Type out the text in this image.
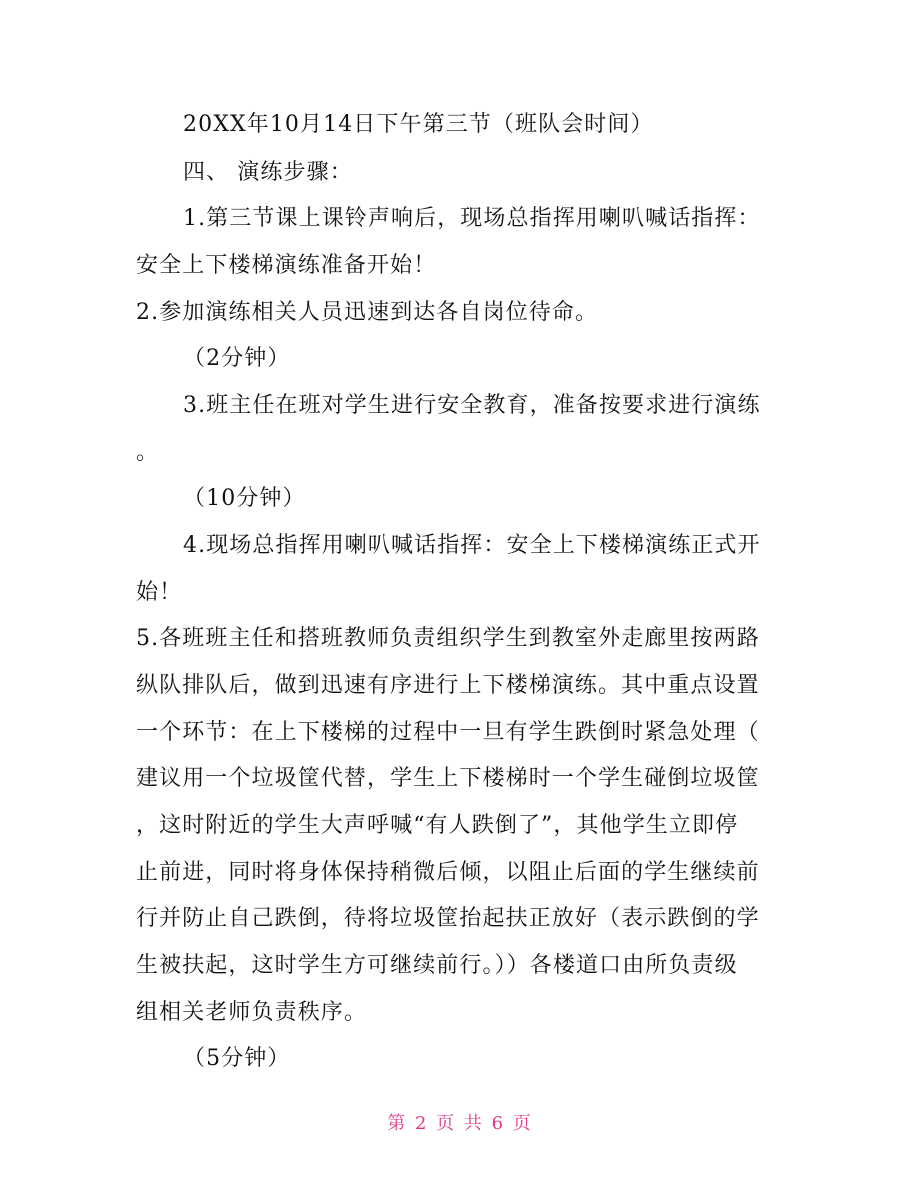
20XX年10月14日下午第三节（班队会时间）

四、 演练步骤：

1.第三节课上课铃声响后，现场总指挥用喇叭喊话指挥：

安全上下楼梯演练准备开始！

2.参加演练相关人员迅速到达各自岗位待命。

（2分钟）

3.班主任在班对学生进行安全教育，准备按要求进行演练

。

（10分钟）

4.现场总指挥用喇叭喊话指挥：安全上下楼梯演练正式开

始！

5.各班班主任和搭班教师负责组织学生到教室外走廊里按两路

纵队排队后，做到迅速有序进行上下楼梯演练。其中重点设置

一个环节：在上下楼梯的过程中一旦有学生跌倒时紧急处理（

建议用一个垃圾筐代替，学生上下楼梯时一个学生碰倒垃圾筐

，这时附近的学生大声呼喊“有人跌倒了”，其他学生立即停

止前进，同时将身体保持稍微后倾，以阻止后面的学生继续前

行并防止自己跌倒，待将垃圾筐抬起扶正放好（表示跌倒的学

生被扶起，这时学生方可继续前行。））各楼道口由所负责级

组相关老师负责秩序。

（5分钟）

第 2 页 共 6 页
